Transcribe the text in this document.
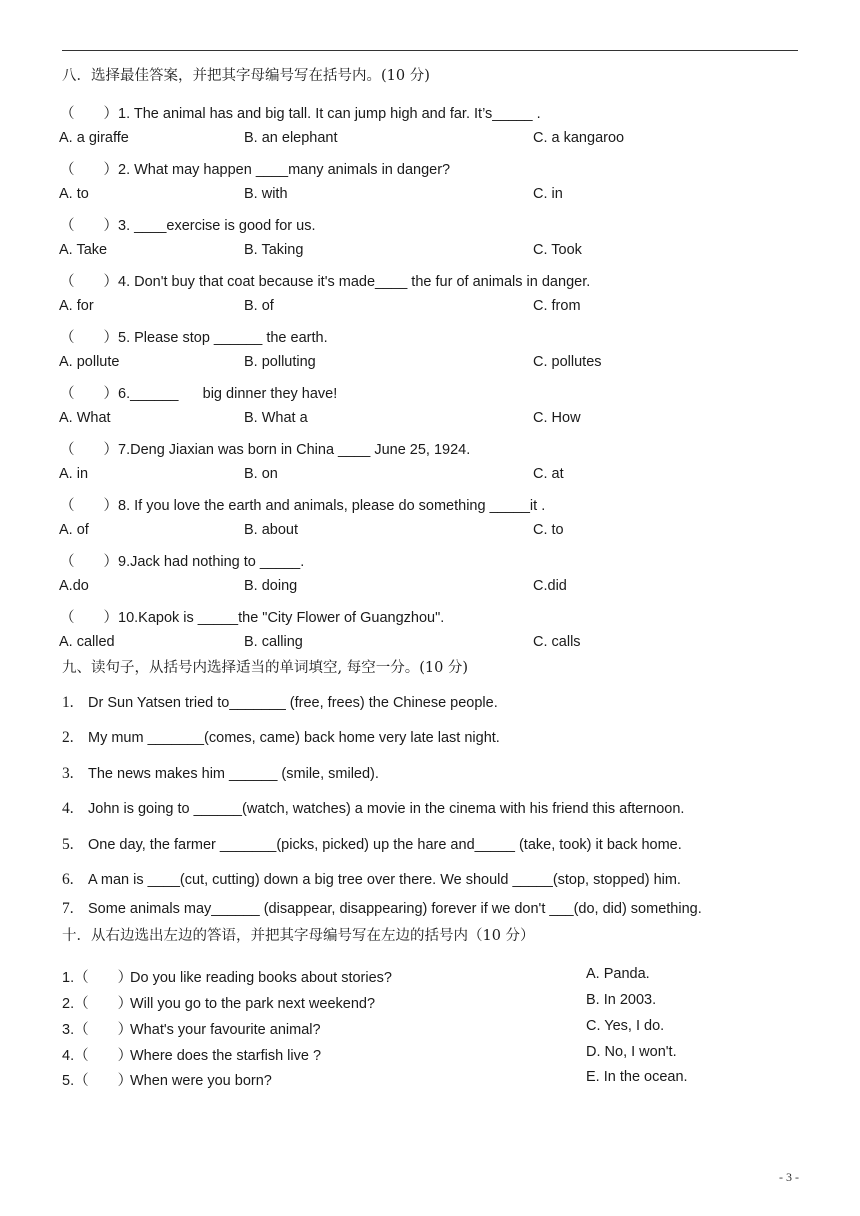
八．选择最佳答案，并把其字母编号写在括号内。(10 分)
（　　）1. The animal has and big tall. It can jump high and far. It’s_____ .
A. a giraffe	B. an elephant	C. a kangaroo
（　　）2. What may happen ____many animals in danger?
A. to	B. with	C. in
（　　）3. ____exercise is good for us.
A. Take	B. Taking	C. Took
（　　）4. Don't buy that coat because it's made____ the fur of animals in danger.
A. for	B. of	C. from
（　　）5. Please stop ______ the earth.
A. pollute	B. polluting	C. pollutes
（　　）6.______      big dinner they have!
A. What	B. What a	C. How
（　　）7.Deng Jiaxian was born in China ____ June 25, 1924.
A. in	B. on	C. at
（　　）8. If you love the earth and animals, please do something _____it .
A. of	B. about	C. to
（　　）9.Jack had nothing to _____.
A.do	B. doing	C.did
（　　）10.Kapok is _____the "City Flower of Guangzhou".
A. called	B. calling	C. calls
九、读句子，从括号内选择适当的单词填空, 每空一分。(10 分)
1. Dr Sun Yatsen tried to_______ (free, frees) the Chinese people.
2. My mum _______(comes, came) back home very late last night.
3. The news makes him ______ (smile, smiled).
4. John is going to ______(watch, watches) a movie in the cinema with his friend this afternoon.
5. One day, the farmer _______(picks, picked) up the hare and_____ (take, took) it back home.
6. A man is ____(cut, cutting) down a big tree over there. We should _____(stop, stopped) him.
7. Some animals may______ (disappear, disappearing) forever if we don't ___(do, did) something.
十．从右边选出左边的答语，并把其字母编号写在左边的括号内（10 分）
1.（　　）Do you like reading books about stories?
2.（　　）Will you go to the park next weekend?
3.（　　）What's your favourite animal?
4.（　　）Where does the starfish live ?
5.（　　）When were you born?
A. Panda.
B. In 2003.
C. Yes, I do.
D. No, I won't.
E. In the ocean.
- 3 -
